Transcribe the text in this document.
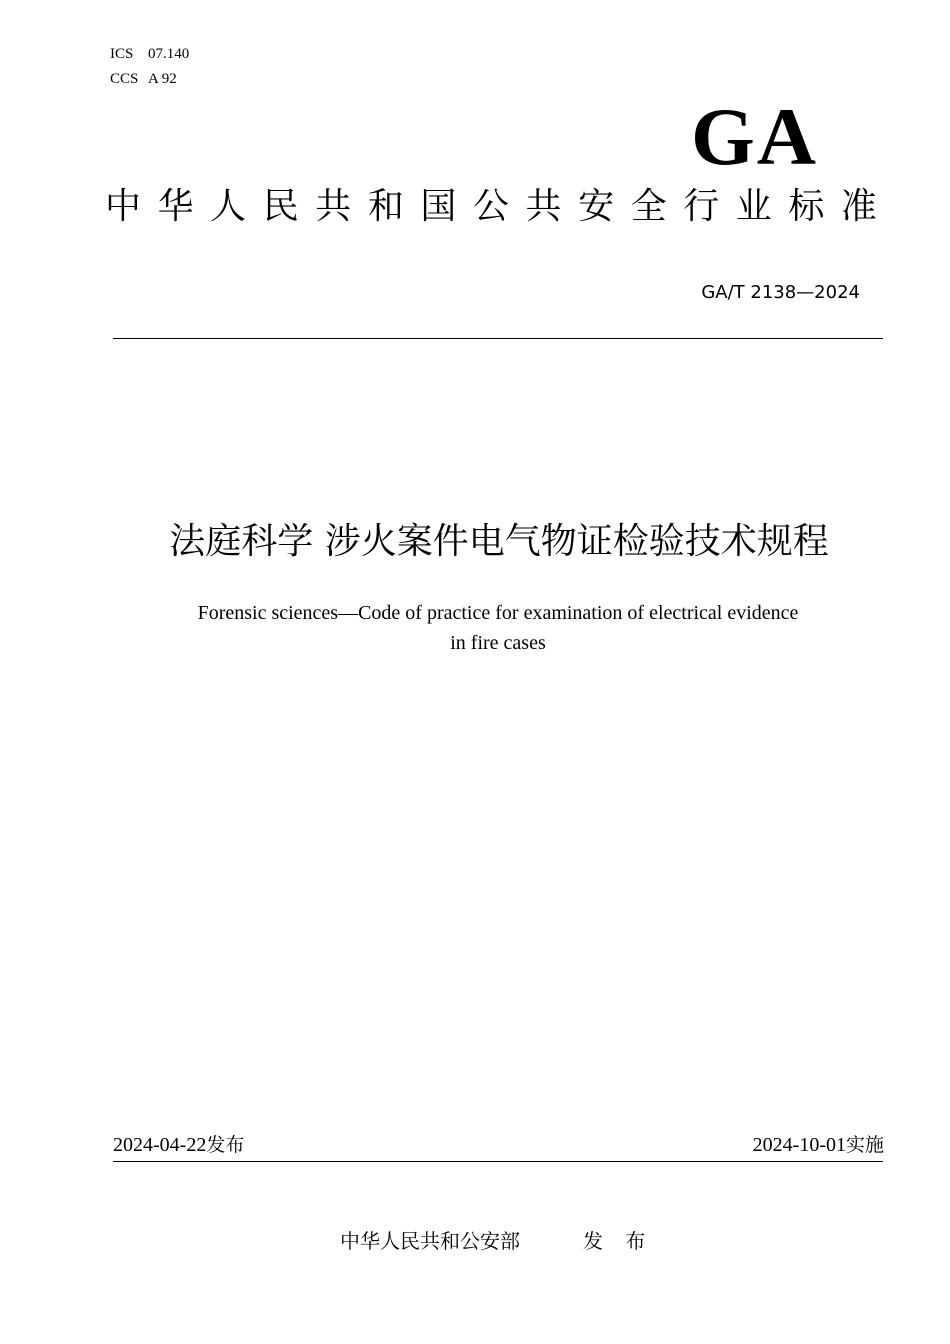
ICS 07.140
CCS A 92
GA
中 华 人 民 共 和 国 公 共 安 全 行 业 标 准
GA/T 2138—2024
法庭科学 涉火案件电气物证检验技术规程
Forensic sciences—Code of practice for examination of electrical evidence
in fire cases
2024-04-22发布	2024-10-01实施
中华人民共和公安部	发 布
